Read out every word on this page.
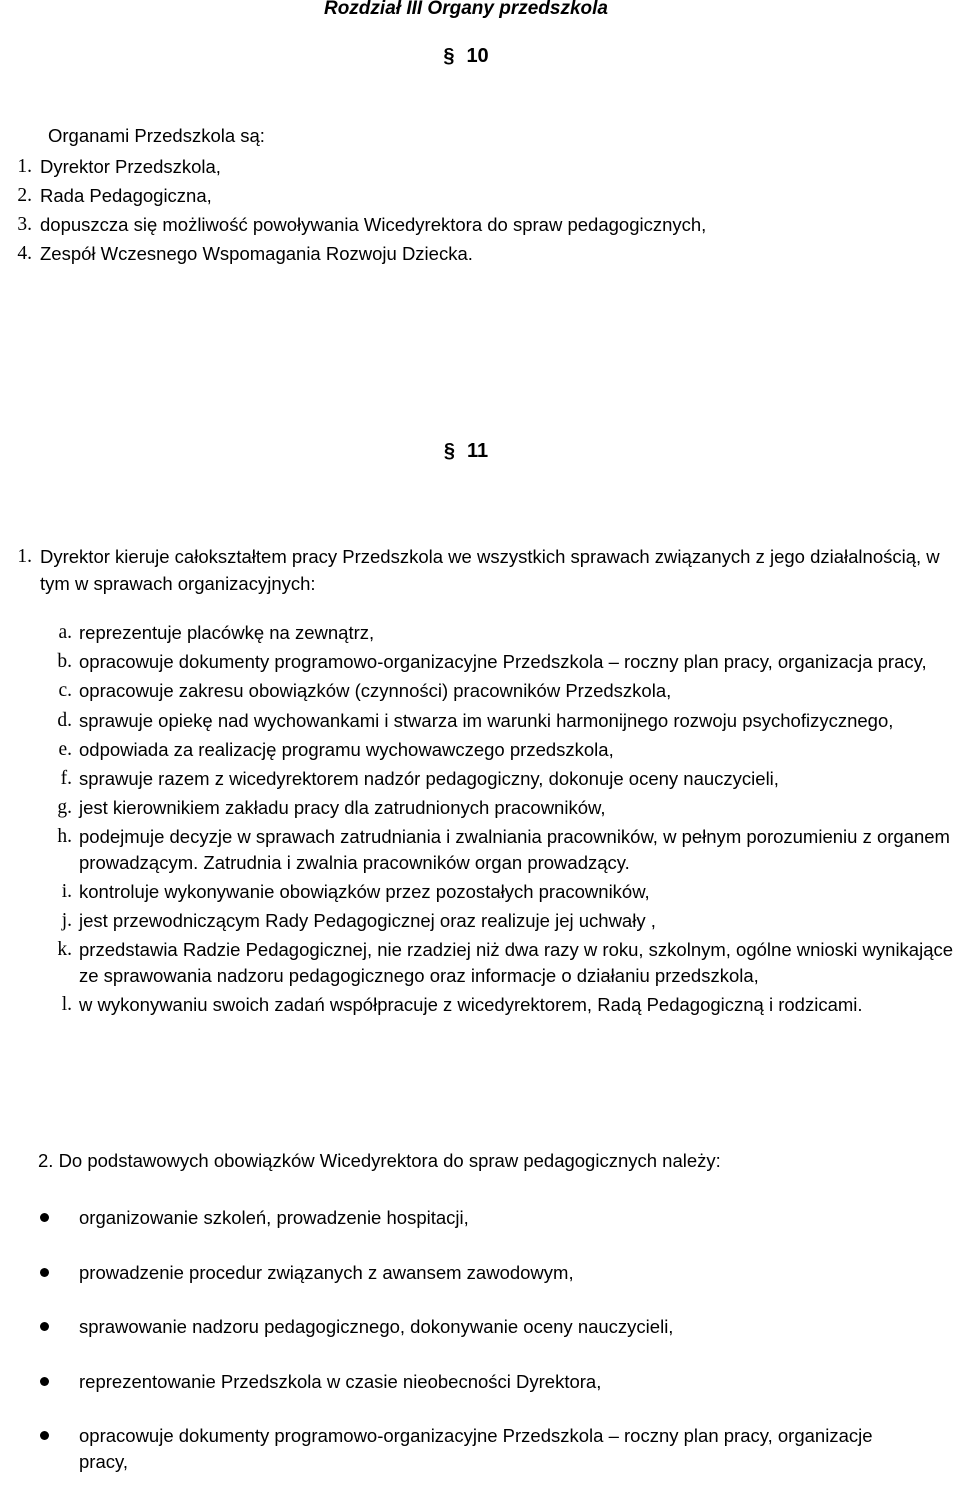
Rozdział III Organy przedszkola

§ 10

Organami Przedszkola są:

1. Dyrektor Przedszkola,
2. Rada Pedagogiczna,
3. dopuszcza się możliwość powoływania Wicedyrektora do spraw pedagogicznych,
4. Zespół Wczesnego Wspomagania Rozwoju Dziecka.

§ 11

1. Dyrektor kieruje całokształtem pracy Przedszkola we wszystkich sprawach związanych z jego działalnością, w tym w sprawach organizacyjnych:
a. reprezentuje placówkę na zewnątrz,
b. opracowuje dokumenty programowo-organizacyjne Przedszkola – roczny plan pracy, organizacja pracy,
c. opracowuje zakresu obowiązków (czynności) pracowników Przedszkola,
d. sprawuje opiekę nad wychowankami i stwarza im warunki harmonijnego rozwoju psychofizycznego,
e. odpowiada za realizację programu wychowawczego przedszkola,
f. sprawuje razem z wicedyrektorem nadzór pedagogiczny, dokonuje oceny nauczycieli,
g. jest kierownikiem zakładu pracy dla zatrudnionych pracowników,
h. podejmuje decyzje w sprawach zatrudniania i zwalniania pracowników, w pełnym porozumieniu z organem prowadzącym. Zatrudnia i zwalnia pracowników organ prowadzący.
i. kontroluje wykonywanie obowiązków przez pozostałych pracowników,
j. jest przewodniczącym Rady Pedagogicznej oraz realizuje jej uchwały ,
k. przedstawia Radzie Pedagogicznej, nie rzadziej niż dwa razy w roku, szkolnym, ogólne wnioski wynikające ze sprawowania nadzoru pedagogicznego oraz informacje o działaniu przedszkola,
l. w wykonywaniu swoich zadań współpracuje z wicedyrektorem, Radą Pedagogiczną i rodzicami.

2. Do podstawowych obowiązków Wicedyrektora do spraw pedagogicznych należy:

organizowanie szkoleń, prowadzenie hospitacji,
prowadzenie procedur związanych z awansem zawodowym,
sprawowanie nadzoru pedagogicznego, dokonywanie oceny nauczycieli,
reprezentowanie Przedszkola w czasie nieobecności Dyrektora,
opracowuje dokumenty programowo-organizacyjne Przedszkola – roczny plan pracy, organizacje pracy,
